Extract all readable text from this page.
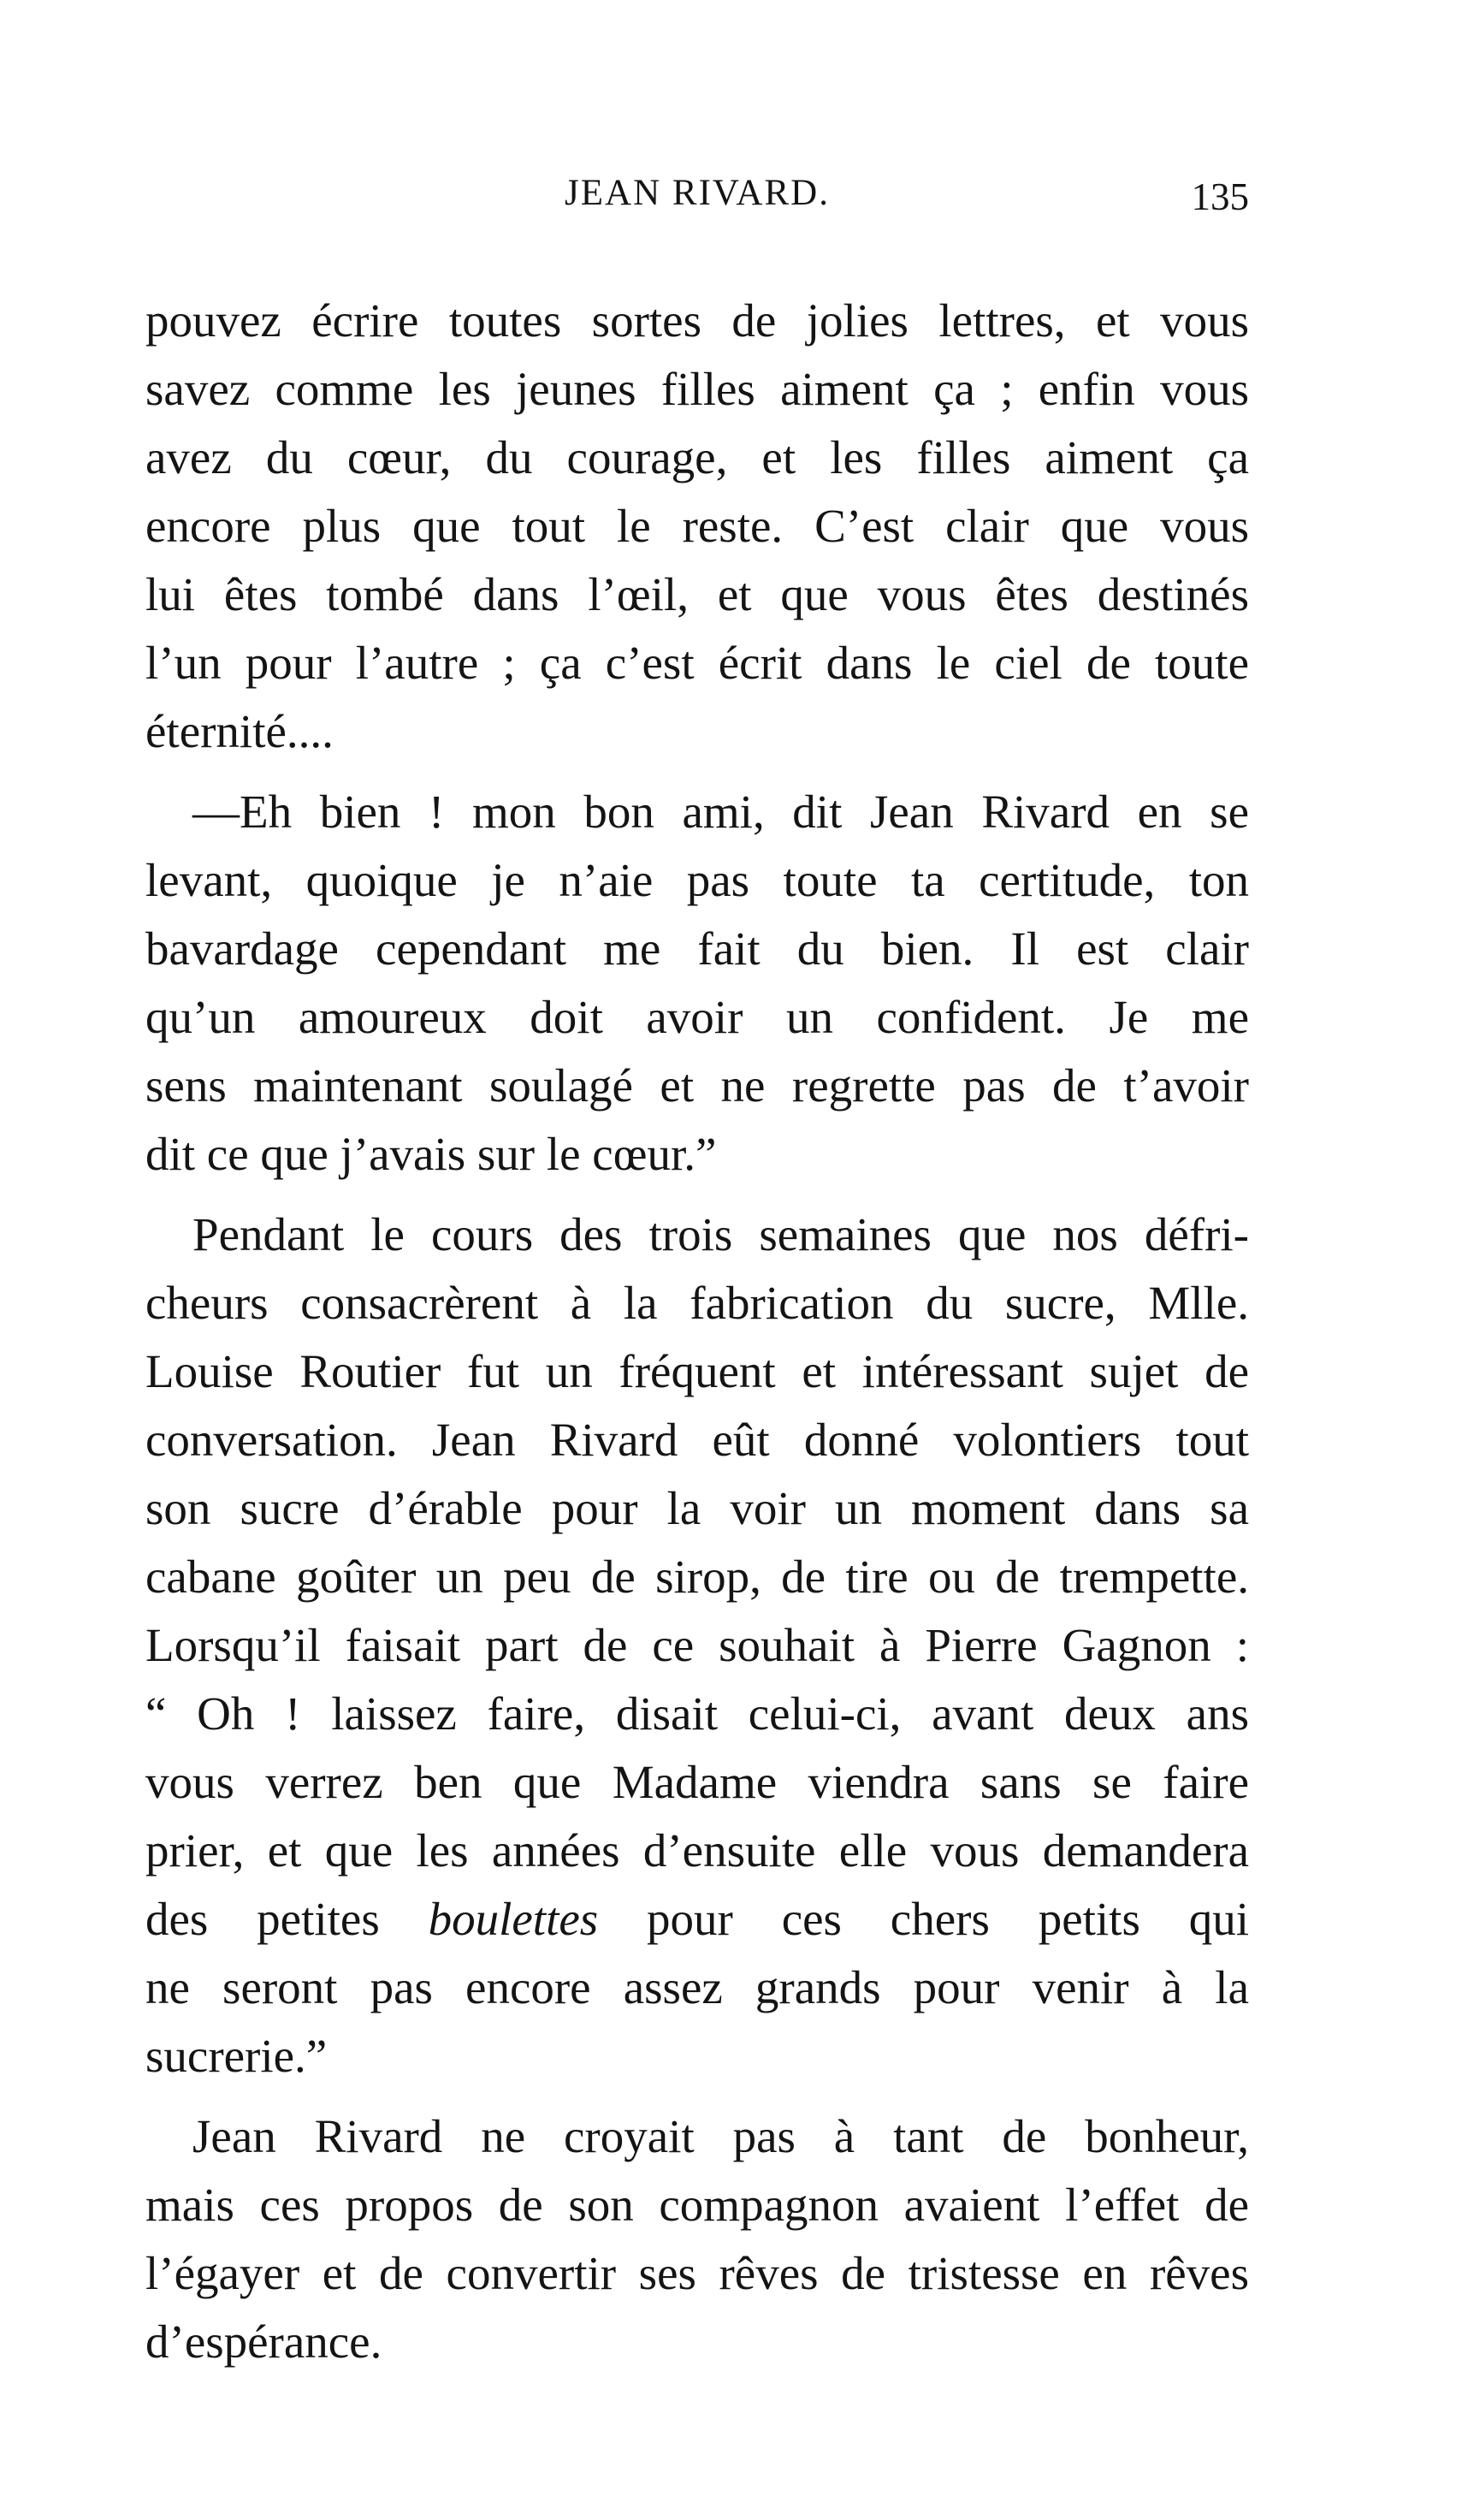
JEAN RIVARD.	135
pouvez écrire toutes sortes de jolies lettres, et vous
savez comme les jeunes filles aiment ça ; enfin vous
avez du cœur, du courage, et les filles aiment ça
encore plus que tout le reste. C’est clair que vous
lui êtes tombé dans l’œil, et que vous êtes destinés
l’un pour l’autre ; ça c’est écrit dans le ciel de toute
éternité....
—Eh bien ! mon bon ami, dit Jean Rivard en se
levant, quoique je n’aie pas toute ta certitude, ton
bavardage cependant me fait du bien. Il est clair
qu’un amoureux doit avoir un confident. Je me
sens maintenant soulagé et ne regrette pas de t’avoir
dit ce que j’avais sur le cœur.”
Pendant le cours des trois semaines que nos défri-
cheurs consacrèrent à la fabrication du sucre, Mlle.
Louise Routier fut un fréquent et intéressant sujet de
conversation. Jean Rivard eût donné volontiers tout
son sucre d’érable pour la voir un moment dans sa
cabane goûter un peu de sirop, de tire ou de trempette.
Lorsqu’il faisait part de ce souhait à Pierre Gagnon :
“ Oh ! laissez faire, disait celui-ci, avant deux ans
vous verrez ben que Madame viendra sans se faire
prier, et que les années d’ensuite elle vous demandera
des petites boulettes pour ces chers petits qui
ne seront pas encore assez grands pour venir à la
sucrerie.”
Jean Rivard ne croyait pas à tant de bonheur,
mais ces propos de son compagnon avaient l’effet de
l’égayer et de convertir ses rêves de tristesse en rêves
d’espérance.
